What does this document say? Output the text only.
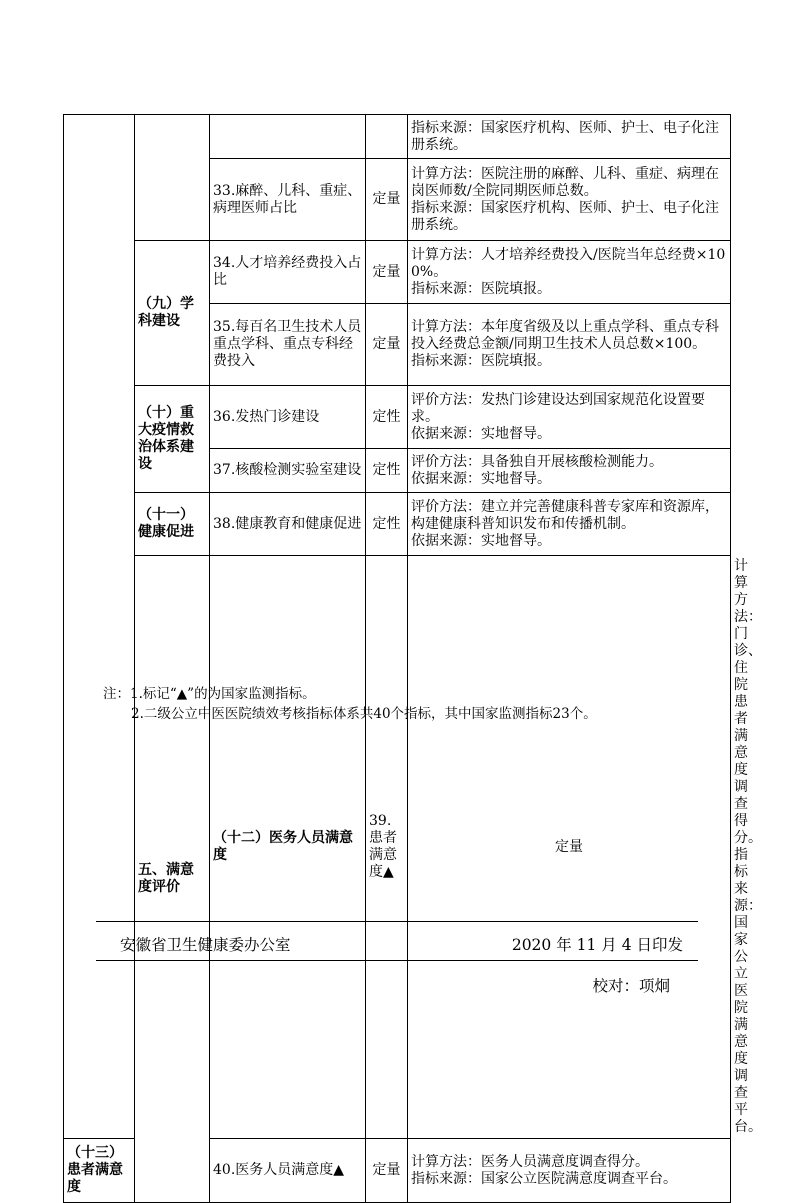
				指标来源：国家医疗机构、医师、护士、电子化注册系统。	

		33.麻醉、儿科、重症、病理医师占比	定量	计算方法：医院注册的麻醉、儿科、重症、病理在岗医师数/全院同期医师总数。
指标来源：国家医疗机构、医师、护士、电子化注册系统。	

	（九）学科建设	34.人才培养经费投入占比	定量	计算方法：人才培养经费投入/医院当年总经费×100%。
指标来源：医院填报。	

		35.每百名卫生技术人员重点学科、重点专科经费投入	定量	计算方法：本年度省级及以上重点学科、重点专科投入经费总金额/同期卫生技术人员总数×100。
指标来源：医院填报。	

	（十）重大疫情救治体系建设	36.发热门诊建设	定性	评价方法：发热门诊建设达到国家规范化设置要求。
依据来源：实地督导。	

		37.核酸检测实验室建设	定性	评价方法：具备独自开展核酸检测能力。
依据来源：实地督导。	

	（十一）健康促进	38.健康教育和健康促进	定性	评价方法：建立并完善健康科普专家库和资源库，构建健康科普知识发布和传播机制。
依据来源：实地督导。	

	五、满意度评价	（十二）医务人员满意度	39.患者满意度▲	定量	计算方法：门诊、住院患者满意度调查得分。
指标来源：国家公立医院满意度调查平台。

（十三）患者满意度		40.医务人员满意度▲	定量	计算方法：医务人员满意度调查得分。
指标来源：国家公立医院满意度调查平台。	
注：1.标记“▲”的为国家监测指标。
2.二级公立中医医院绩效考核指标体系共40个指标，其中国家监测指标23个。
安徽省卫生健康委办公室	2020 年 11 月 4 日印发
校对：项炯
